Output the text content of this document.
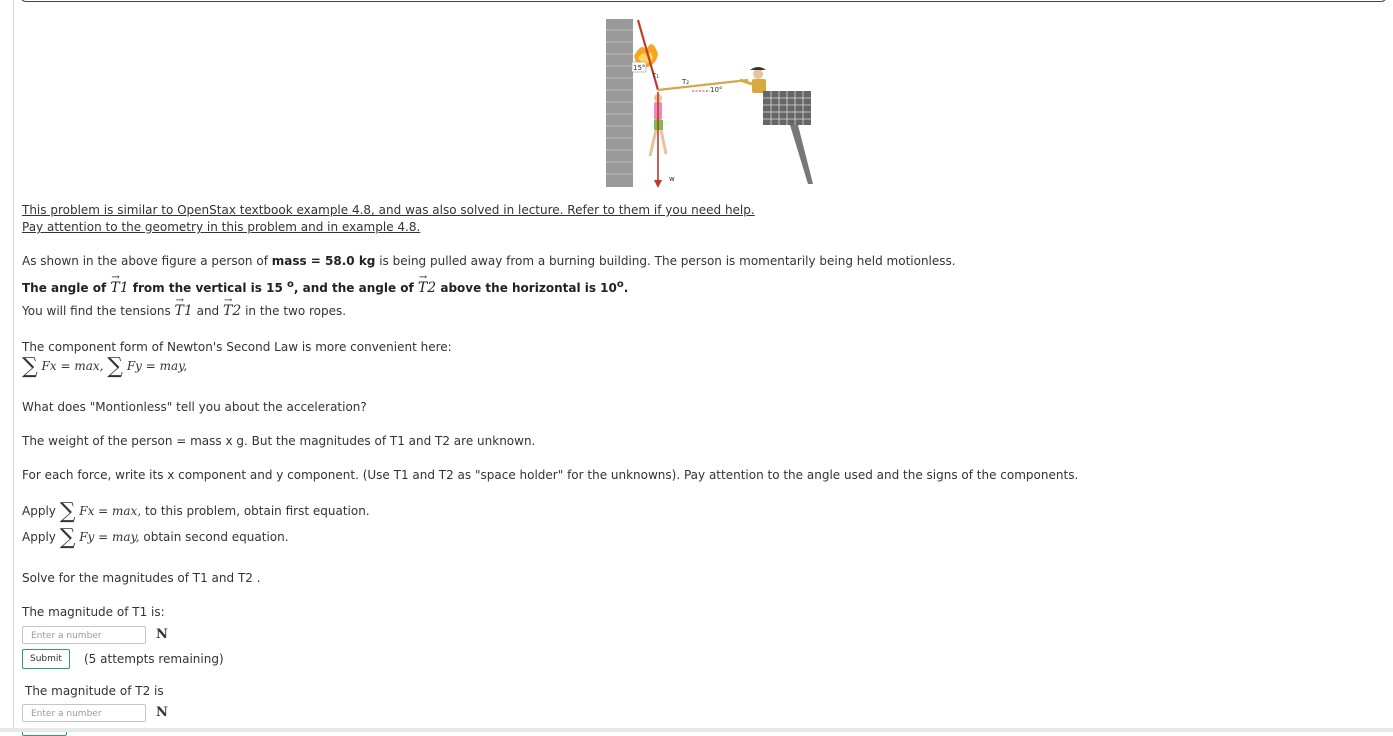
15°
T₁
T₂
10°
w

This problem is similar to OpenStax textbook example 4.8, and was also solved in lecture. Refer to them if you need help.

Pay attention to the geometry in this problem and in example 4.8.

As shown in the above figure a person of mass = 58.0 kg is being pulled away from a burning building. The person is momentarily being held motionless.

The angle of → T1 from the vertical is 15 $^o$, and the angle of → T2 above the horizontal is 10$^o$.

You will find the tensions → T1 and → T2 in the two ropes.

The component form of Newton's Second Law is more convenient here:

∑ Fx = max, ∑ Fy = may,

What does "Montionless" tell you about the acceleration?

The weight of the person = mass x g. But the magnitudes of T1 and T2 are unknown.

For each force, write its x component and y component. (Use T1 and T2 as "space holder" for the unknowns). Pay attention to the angle used and the signs of the components.

Apply ∑ Fx = max, to this problem, obtain first equation.

Apply ∑ Fy = may, obtain second equation.

Solve for the magnitudes of T1 and T2 .

The magnitude of T1 is:

Enter a number	N
Submit	(5 attempts remaining)

The magnitude of T2 is

Enter a number	N
